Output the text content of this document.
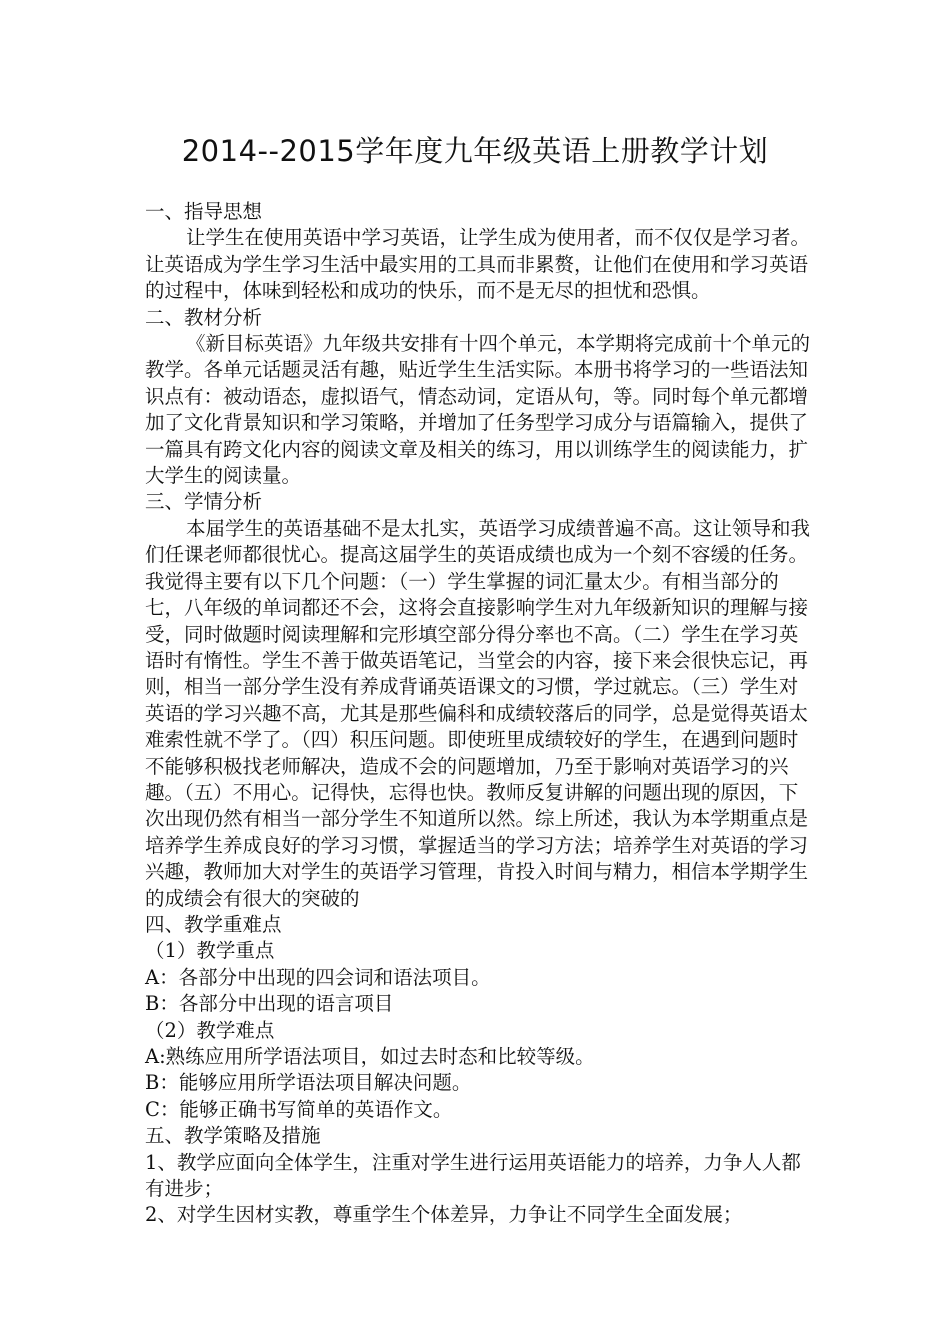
2014--2015学年度九年级英语上册教学计划

一、指导思想

让学生在使用英语中学习英语，让学生成为使用者，而不仅仅是学习者。让英语成为学生学习生活中最实用的工具而非累赘，让他们在使用和学习英语的过程中，体味到轻松和成功的快乐，而不是无尽的担忧和恐惧。

二、教材分析

《新目标英语》九年级共安排有十四个单元，本学期将完成前十个单元的教学。各单元话题灵活有趣，贴近学生生活实际。本册书将学习的一些语法知识点有：被动语态，虚拟语气，情态动词，定语从句，等。同时每个单元都增加了文化背景知识和学习策略，并增加了任务型学习成分与语篇输入，提供了一篇具有跨文化内容的阅读文章及相关的练习，用以训练学生的阅读能力，扩大学生的阅读量。

三、学情分析

本届学生的英语基础不是太扎实，英语学习成绩普遍不高。这让领导和我们任课老师都很忧心。提高这届学生的英语成绩也成为一个刻不容缓的任务。我觉得主要有以下几个问题：（一）学生掌握的词汇量太少。有相当部分的七，八年级的单词都还不会，这将会直接影响学生对九年级新知识的理解与接受，同时做题时阅读理解和完形填空部分得分率也不高。（二）学生在学习英语时有惰性。学生不善于做英语笔记，当堂会的内容，接下来会很快忘记，再则，相当一部分学生没有养成背诵英语课文的习惯，学过就忘。（三）学生对英语的学习兴趣不高，尤其是那些偏科和成绩较落后的同学，总是觉得英语太难索性就不学了。（四）积压问题。即使班里成绩较好的学生，在遇到问题时不能够积极找老师解决，造成不会的问题增加，乃至于影响对英语学习的兴趣。（五）不用心。记得快，忘得也快。教师反复讲解的问题出现的原因，下次出现仍然有相当一部分学生不知道所以然。综上所述，我认为本学期重点是培养学生养成良好的学习习惯，掌握适当的学习方法；培养学生对英语的学习兴趣，教师加大对学生的英语学习管理，肯投入时间与精力，相信本学期学生的成绩会有很大的突破的

四、教学重难点

（1）教学重点

A：各部分中出现的四会词和语法项目。

B：各部分中出现的语言项目

（2）教学难点

A:熟练应用所学语法项目，如过去时态和比较等级。

B：能够应用所学语法项目解决问题。

C：能够正确书写简单的英语作文。

五、教学策略及措施

1、教学应面向全体学生，注重对学生进行运用英语能力的培养，力争人人都有进步；

2、对学生因材实教，尊重学生个体差异，力争让不同学生全面发展；
